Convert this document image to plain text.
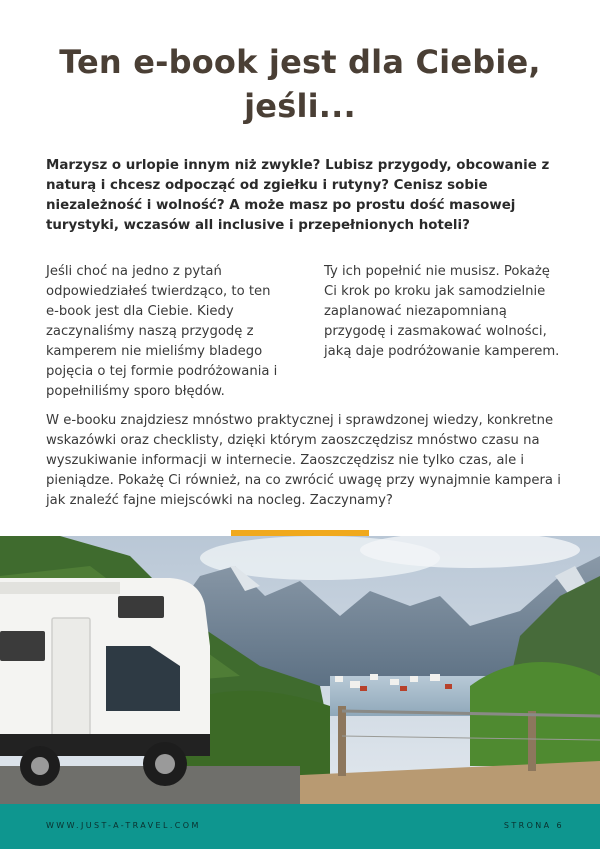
Ten e-book jest dla Ciebie,
jeśli...
Marzysz o urlopie innym niż zwykle? Lubisz przygody, obcowanie z naturą i chcesz odpocząć od zgiełku i rutyny? Cenisz sobie niezależność i wolność? A może masz po prostu dość masowej turystyki, wczasów all inclusive i przepełnionych hoteli?
Jeśli choć na jedno z pytań odpowiedziałeś twierdząco, to ten e-book jest dla Ciebie. Kiedy zaczynaliśmy naszą przygodę z kamperem nie mieliśmy bladego pojęcia o tej formie podróżowania i popełniliśmy sporo błędów.
Ty ich popełnić nie musisz. Pokażę Ci krok po kroku jak samodzielnie zaplanować niezapomnianą przygodę i zasmakować wolności, jaką daje podróżowanie kamperem.
W e-booku znajdziesz mnóstwo praktycznej i sprawdzonej wiedzy, konkretne wskazówki oraz checklisty, dzięki którym zaoszczędzisz mnóstwo czasu na wyszukiwanie informacji w internecie. Zaoszczędzisz nie tylko czas, ale i pieniądze. Pokażę Ci również, na co zwrócić uwagę przy wynajmnie kampera i jak znaleźć fajne miejscówki na nocleg. Zaczynamy?
WWW.JUST-A-TRAVEL.COM	STRONA 6
